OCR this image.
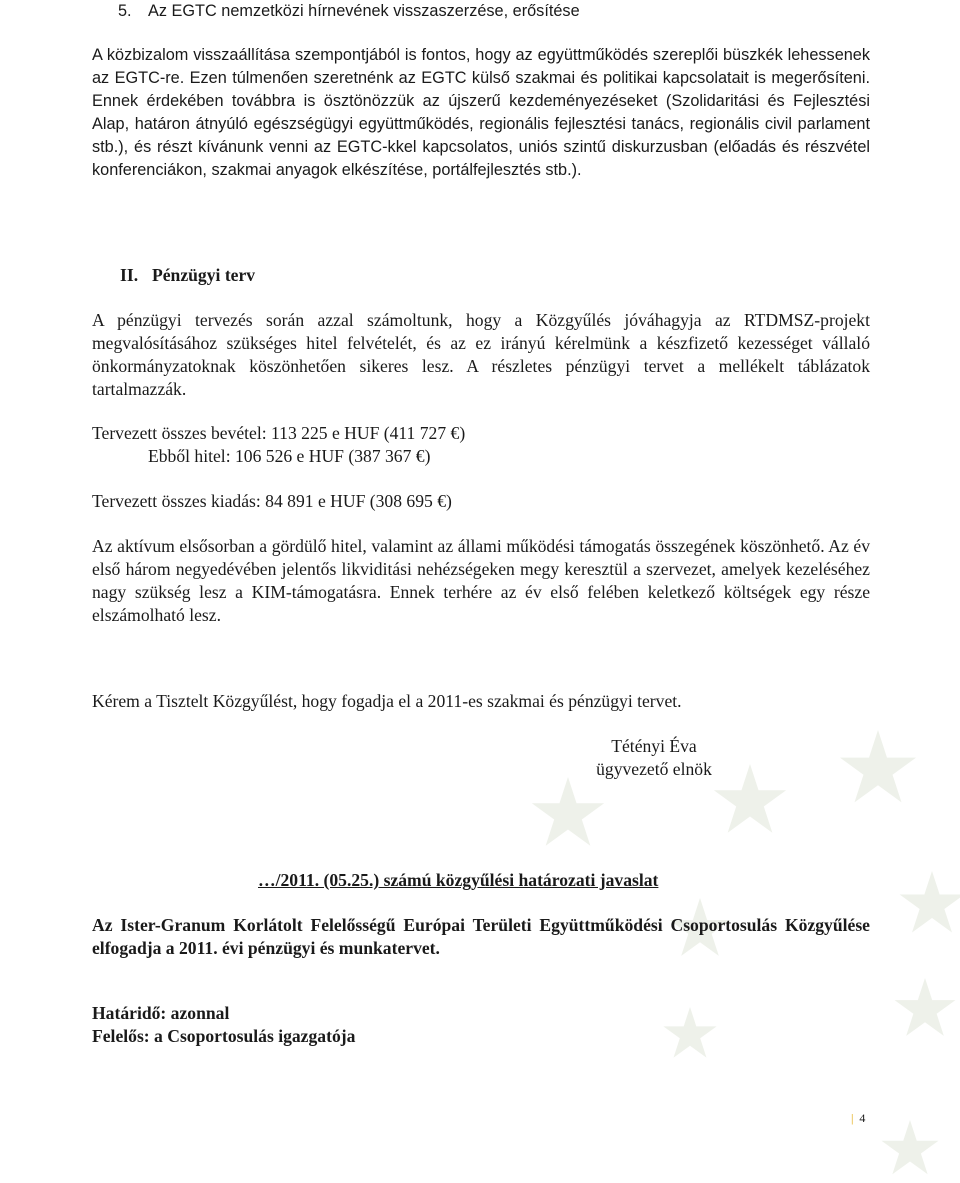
5. Az EGTC nemzetközi hírnevének visszaszerzése, erősítése
A közbizalom visszaállítása szempontjából is fontos, hogy az együttműködés szereplői büszkék lehessenek az EGTC-re. Ezen túlmenően szeretnénk az EGTC külső szakmai és politikai kapcsolatait is megerősíteni. Ennek érdekében továbbra is ösztönözzük az újszerű kezdeményezéseket (Szolidaritási és Fejlesztési Alap, határon átnyúló egészségügyi együttműködés, regionális fejlesztési tanács, regionális civil parlament stb.), és részt kívánunk venni az EGTC-kkel kapcsolatos, uniós szintű diskurzusban (előadás és részvétel konferenciákon, szakmai anyagok elkészítése, portálfejlesztés stb.).
II. Pénzügyi terv
A pénzügyi tervezés során azzal számoltunk, hogy a Közgyűlés jóváhagyja az RTDMSZ-projekt megvalósításához szükséges hitel felvételét, és az ez irányú kérelmünk a készfizető kezességet vállaló önkormányzatoknak köszönhetően sikeres lesz. A részletes pénzügyi tervet a mellékelt táblázatok tartalmazzák.
Tervezett összes bevétel: 113 225 e HUF (411 727 €)
Ebből hitel: 106 526 e HUF (387 367 €)
Tervezett összes kiadás: 84 891 e HUF (308 695 €)
Az aktívum elsősorban a gördülő hitel, valamint az állami működési támogatás összegének köszönhető. Az év első három negyedévében jelentős likviditási nehézségeken megy keresztül a szervezet, amelyek kezeléséhez nagy szükség lesz a KIM-támogatásra. Ennek terhére az év első felében keletkező költségek egy része elszámolható lesz.
Kérem a Tisztelt Közgyűlést, hogy fogadja el a 2011-es szakmai és pénzügyi tervet.
Tétényi Éva
ügyvezető elnök
…/2011. (05.25.) számú közgyűlési határozati javaslat
Az Ister-Granum Korlátolt Felelősségű Európai Területi Együttműködési Csoportosulás Közgyűlése elfogadja a 2011. évi pénzügyi és munkatervet.
Határidő: azonnal
Felelős: a Csoportosulás igazgatója
| 4
